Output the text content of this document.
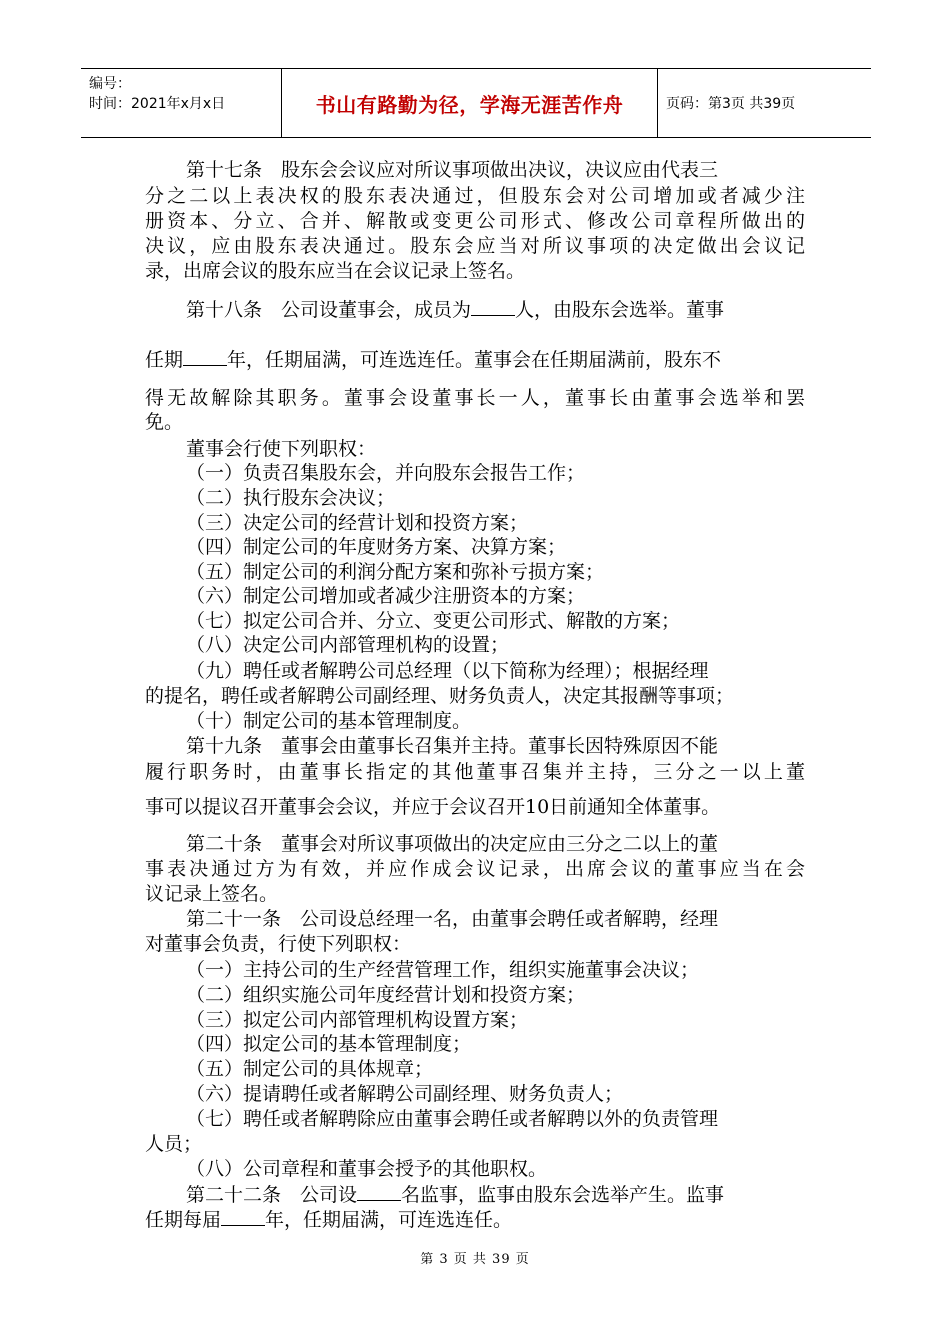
编号：
时间：2021年x月x日	书山有路勤为径，学海无涯苦作舟	页码：第3页 共39页
第十七条　股东会会议应对所议事项做出决议，决议应由代表三
分之二以上表决权的股东表决通过，但股东会对公司增加或者减少注
册资本、分立、合并、解散或变更公司形式、修改公司章程所做出的
决议，应由股东表决通过。股东会应当对所议事项的决定做出会议记
录，出席会议的股东应当在会议记录上签名。
第十八条　公司设董事会，成员为 人，由股东会选举。董事
任期 年，任期届满，可连选连任。董事会在任期届满前，股东不
得无故解除其职务。董事会设董事长一人，董事长由董事会选举和罢
免。
董事会行使下列职权：
（一）负责召集股东会，并向股东会报告工作；
（二）执行股东会决议；
（三）决定公司的经营计划和投资方案；
（四）制定公司的年度财务方案、决算方案；
（五）制定公司的利润分配方案和弥补亏损方案；
（六）制定公司增加或者减少注册资本的方案；
（七）拟定公司合并、分立、变更公司形式、解散的方案；
（八）决定公司内部管理机构的设置；
（九）聘任或者解聘公司总经理（以下简称为经理）；根据经理
的提名，聘任或者解聘公司副经理、财务负责人，决定其报酬等事项；
（十）制定公司的基本管理制度。
第十九条　董事会由董事长召集并主持。董事长因特殊原因不能
履行职务时，由董事长指定的其他董事召集并主持，三分之一以上董
事可以提议召开董事会会议，并应于会议召开10日前通知全体董事。
第二十条　董事会对所议事项做出的决定应由三分之二以上的董
事表决通过方为有效，并应作成会议记录，出席会议的董事应当在会
议记录上签名。
第二十一条　公司设总经理一名，由董事会聘任或者解聘，经理
对董事会负责，行使下列职权：
（一）主持公司的生产经营管理工作，组织实施董事会决议；
（二）组织实施公司年度经营计划和投资方案；
（三）拟定公司内部管理机构设置方案；
（四）拟定公司的基本管理制度；
（五）制定公司的具体规章；
（六）提请聘任或者解聘公司副经理、财务负责人；
（七）聘任或者解聘除应由董事会聘任或者解聘以外的负责管理
人员；
（八）公司章程和董事会授予的其他职权。
第二十二条　公司设 名监事，监事由股东会选举产生。监事
任期每届 年，任期届满，可连选连任。
第 3 页 共 39 页
